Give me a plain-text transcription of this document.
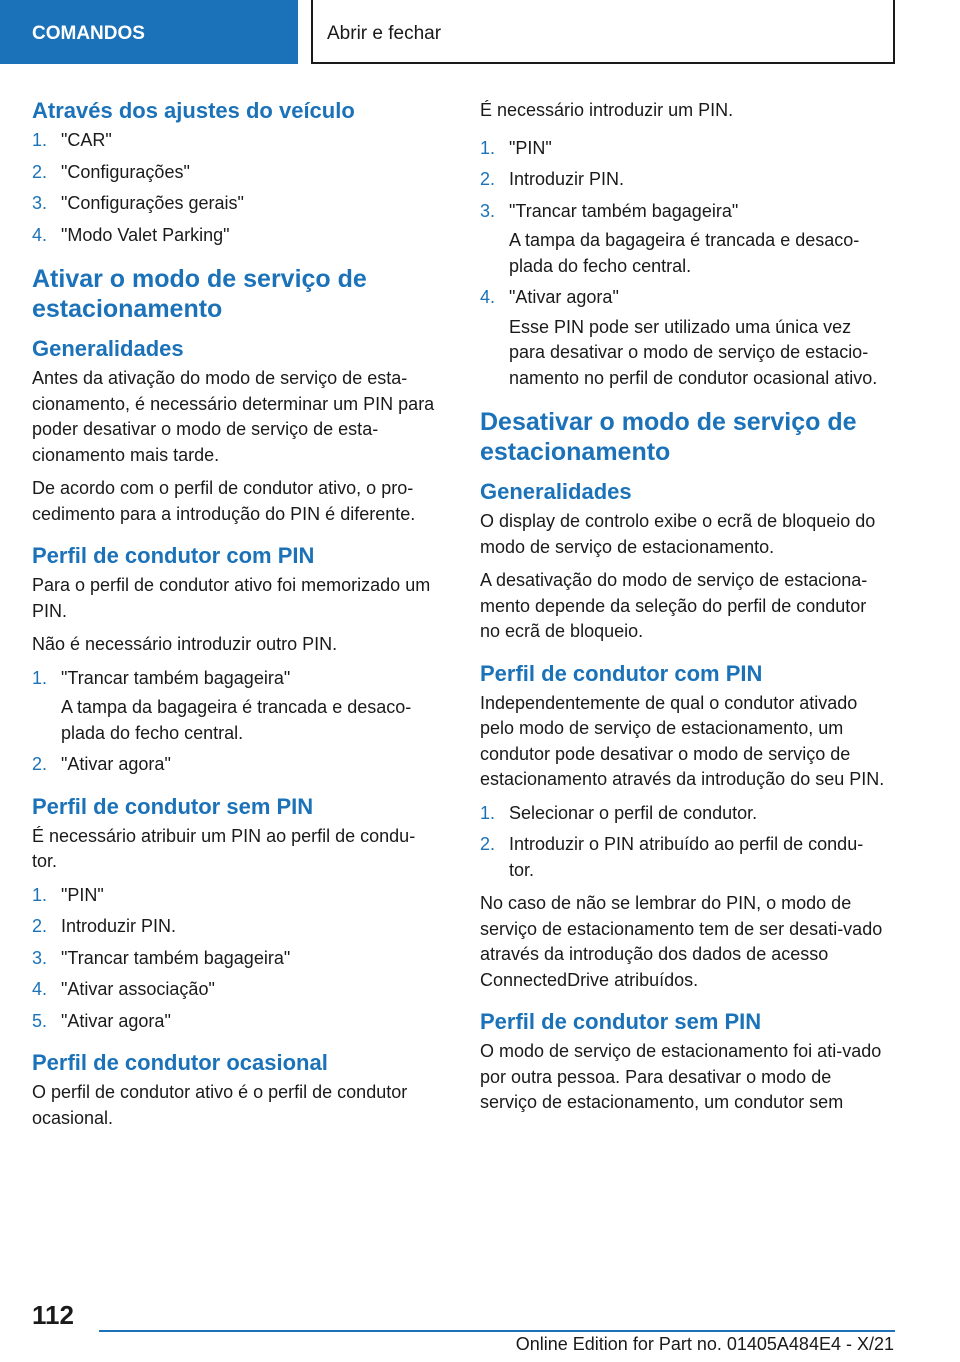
COMANDOS	Abrir e fechar
Através dos ajustes do veículo
1. "CAR"
2. "Configurações"
3. "Configurações gerais"
4. "Modo Valet Parking"
Ativar o modo de serviço de estacionamento
Generalidades
Antes da ativação do modo de serviço de esta-cionamento, é necessário determinar um PIN para poder desativar o modo de serviço de esta-cionamento mais tarde.
De acordo com o perfil de condutor ativo, o pro-cedimento para a introdução do PIN é diferente.
Perfil de condutor com PIN
Para o perfil de condutor ativo foi memorizado um PIN.
Não é necessário introduzir outro PIN.
1. "Trancar também bagageira"
A tampa da bagageira é trancada e desaco-plada do fecho central.
2. "Ativar agora"
Perfil de condutor sem PIN
É necessário atribuir um PIN ao perfil de condu-tor.
1. "PIN"
2. Introduzir PIN.
3. "Trancar também bagageira"
4. "Ativar associação"
5. "Ativar agora"
Perfil de condutor ocasional
O perfil de condutor ativo é o perfil de condutor ocasional.
É necessário introduzir um PIN.
1. "PIN"
2. Introduzir PIN.
3. "Trancar também bagageira"
A tampa da bagageira é trancada e desaco-plada do fecho central.
4. "Ativar agora"
Esse PIN pode ser utilizado uma única vez para desativar o modo de serviço de estacio-namento no perfil de condutor ocasional ativo.
Desativar o modo de serviço de estacionamento
Generalidades
O display de controlo exibe o ecrã de bloqueio do modo de serviço de estacionamento.
A desativação do modo de serviço de estaciona-mento depende da seleção do perfil de condutor no ecrã de bloqueio.
Perfil de condutor com PIN
Independentemente de qual o condutor ativado pelo modo de serviço de estacionamento, um condutor pode desativar o modo de serviço de estacionamento através da introdução do seu PIN.
1. Selecionar o perfil de condutor.
2. Introduzir o PIN atribuído ao perfil de condu-tor.
No caso de não se lembrar do PIN, o modo de serviço de estacionamento tem de ser desati-vado através da introdução dos dados de acesso ConnectedDrive atribuídos.
Perfil de condutor sem PIN
O modo de serviço de estacionamento foi ati-vado por outra pessoa. Para desativar o modo de serviço de estacionamento, um condutor sem
112
Online Edition for Part no. 01405A484E4 - X/21
